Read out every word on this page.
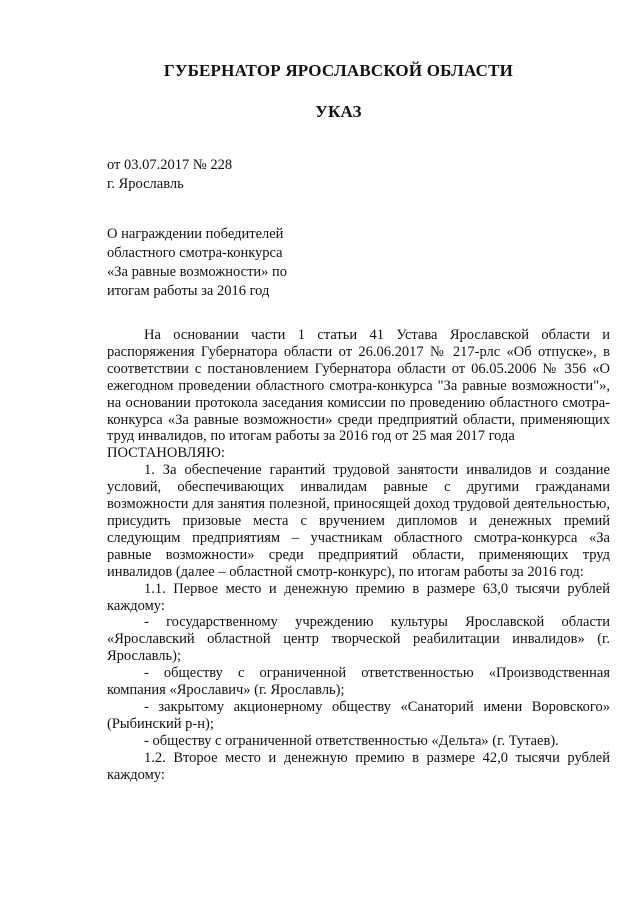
ГУБЕРНАТОР ЯРОСЛАВСКОЙ ОБЛАСТИ
УКАЗ
от 03.07.2017 № 228
г. Ярославль
О награждении победителей
областного смотра-конкурса
«За равные возможности» по
итогам работы за 2016 год

На основании части 1 статьи 41 Устава Ярославской области и распоряжения Губернатора области от 26.06.2017 № 217-рлс «Об отпуске», в соответствии с постановлением Губернатора области от 06.05.2006 № 356 «О ежегодном проведении областного смотра-конкурса "За равные возможности"», на основании протокола заседания комиссии по проведению областного смотра-конкурса «За равные возможности» среди предприятий области, применяющих труд инвалидов, по итогам работы за 2016 год от 25 мая 2017 года

ПОСТАНОВЛЯЮ:

1. За обеспечение гарантий трудовой занятости инвалидов и создание условий, обеспечивающих инвалидам равные с другими гражданами возможности для занятия полезной, приносящей доход трудовой деятельностью, присудить призовые места с вручением дипломов и денежных премий следующим предприятиям – участникам областного смотра-конкурса «За равные возможности» среди предприятий области, применяющих труд инвалидов (далее – областной смотр-конкурс), по итогам работы за 2016 год:

1.1. Первое место и денежную премию в размере 63,0 тысячи рублей каждому:

- государственному учреждению культуры Ярославской области «Ярославский областной центр творческой реабилитации инвалидов» (г. Ярославль);

- обществу с ограниченной ответственностью «Производственная компания «Ярославич» (г. Ярославль);

- закрытому акционерному обществу «Санаторий имени Воровского» (Рыбинский р-н);

- обществу с ограниченной ответственностью «Дельта» (г. Тутаев).

1.2. Второе место и денежную премию в размере 42,0 тысячи рублей каждому:
